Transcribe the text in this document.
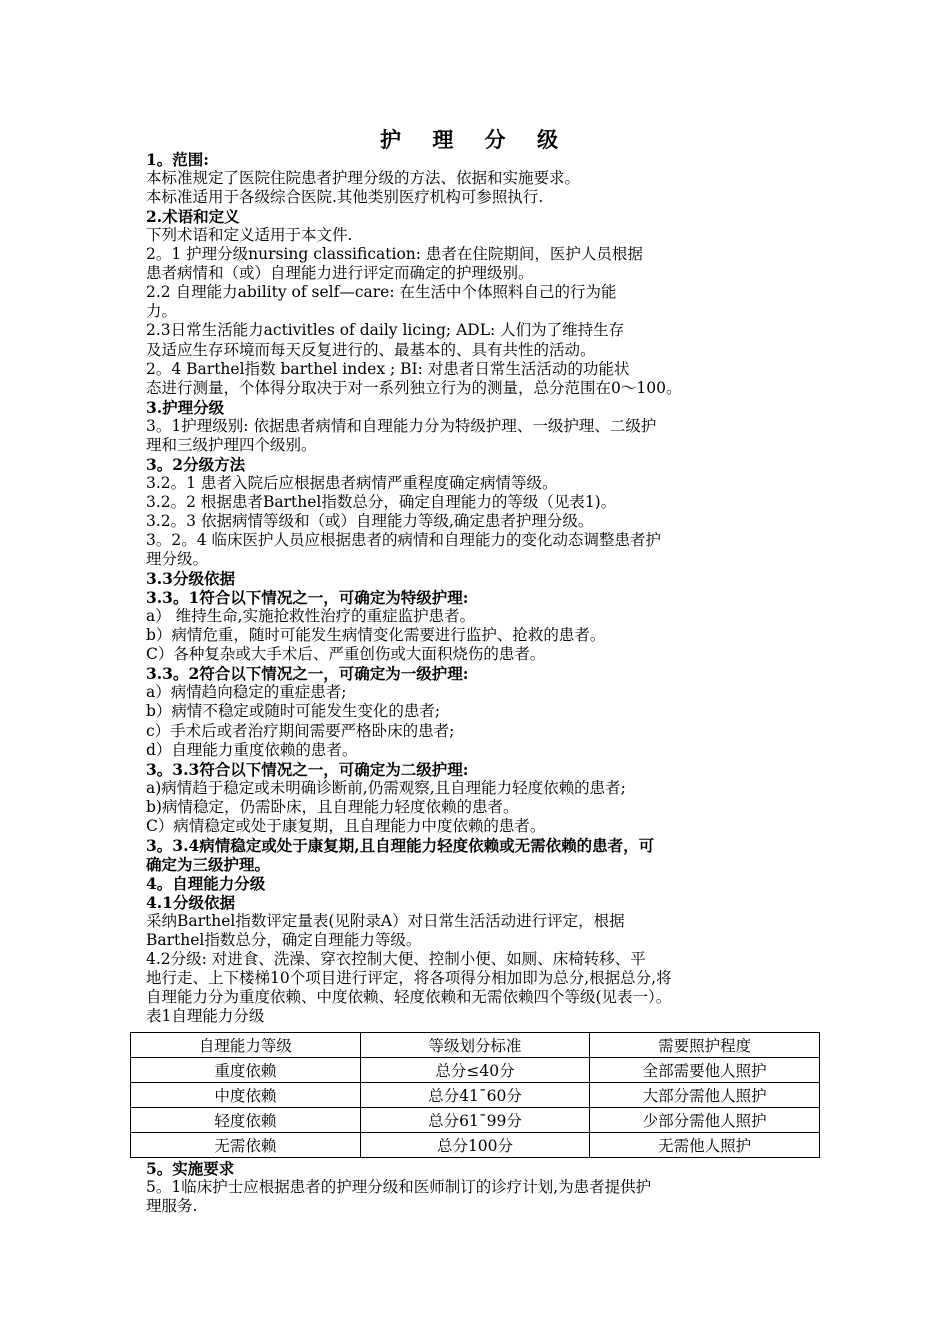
护 理 分 级
1。范围:
本标准规定了医院住院患者护理分级的方法、依据和实施要求。
本标准适用于各级综合医院.其他类别医疗机构可参照执行.
2.术语和定义
下列术语和定义适用于本文件.
2。1 护理分级nursing classification: 患者在住院期间，医护人员根据
患者病情和（或）自理能力进行评定而确定的护理级别。
2.2 自理能力ability of self—care: 在生活中个体照料自己的行为能
力。
2.3日常生活能力activitles of daily licing; ADL: 人们为了维持生存
及适应生存环境而每天反复进行的、最基本的、具有共性的活动。
2。4 Barthel指数 barthel index ; BI: 对患者日常生活活动的功能状
态进行测量，个体得分取决于对一系列独立行为的测量，总分范围在0～100。
3.护理分级
3。1护理级别: 依据患者病情和自理能力分为特级护理、一级护理、二级护
理和三级护理四个级别。
3。2分级方法
3.2。1 患者入院后应根据患者病情严重程度确定病情等级。
3.2。2 根据患者Barthel指数总分，确定自理能力的等级（见表1)。
3.2。3 依据病情等级和（或）自理能力等级,确定患者护理分级。
3。2。4 临床医护人员应根据患者的病情和自理能力的变化动态调整患者护
理分级。
3.3分级依据
3.3。1符合以下情况之一，可确定为特级护理:
a） 维持生命,实施抢救性治疗的重症监护患者。
b）病情危重，随时可能发生病情变化需要进行监护、抢救的患者。
C）各种复杂或大手术后、严重创伤或大面积烧伤的患者。
3.3。2符合以下情况之一，可确定为一级护理:
a）病情趋向稳定的重症患者;
b）病情不稳定或随时可能发生变化的患者;
c）手术后或者治疗期间需要严格卧床的患者;
d）自理能力重度依赖的患者。
3。3.3符合以下情况之一，可确定为二级护理:
a)病情趋于稳定或未明确诊断前,仍需观察,且自理能力轻度依赖的患者;
b)病情稳定，仍需卧床，且自理能力轻度依赖的患者。
C）病情稳定或处于康复期，且自理能力中度依赖的患者。
3。3.4病情稳定或处于康复期,且自理能力轻度依赖或无需依赖的患者，可
确定为三级护理。
4。自理能力分级
4.1分级依据
采纳Barthel指数评定量表(见附录A）对日常生活活动进行评定，根据
Barthel指数总分，确定自理能力等级。
4.2分级: 对进食、洗澡、穿衣控制大便、控制小便、如厕、床椅转移、平
地行走、上下楼梯10个项目进行评定，将各项得分相加即为总分,根据总分,将
自理能力分为重度依赖、中度依赖、轻度依赖和无需依赖四个等级(见表一）。
表1自理能力分级
自理能力等级	等级划分标准	需要照护程度
重度依赖	总分≤40分	全部需要他人照护
中度依赖	总分41¯60分	大部分需他人照护
轻度依赖	总分61¯99分	少部分需他人照护
无需依赖	总分100分	无需他人照护
5。实施要求
5。1临床护士应根据患者的护理分级和医师制订的诊疗计划,为患者提供护
理服务.
